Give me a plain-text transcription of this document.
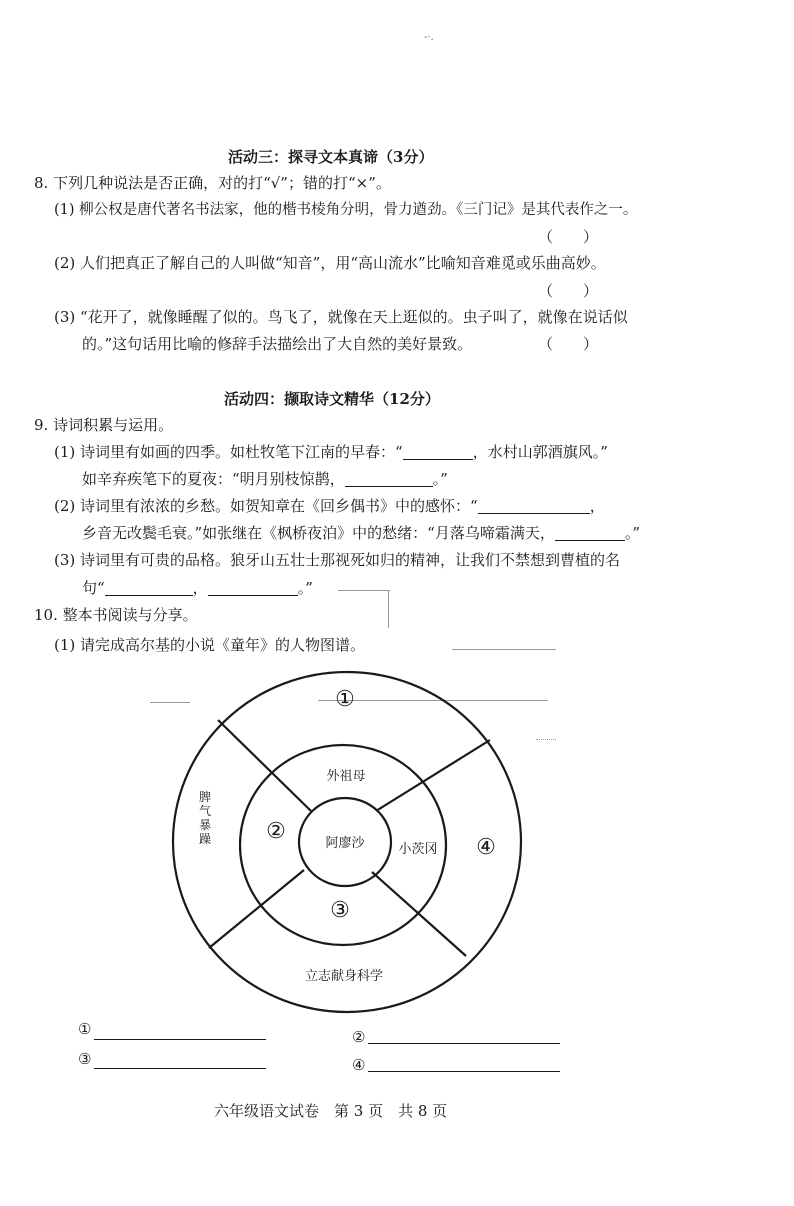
-·.
活动三：探寻文本真谛（3分）
8. 下列几种说法是否正确，对的打“√”；错的打“×”。
(1) 柳公权是唐代著名书法家，他的楷书棱角分明，骨力遒劲。《三门记》是其代表作之一。
（　　）
(2) 人们把真正了解自己的人叫做“知音”，用“高山流水”比喻知音难觅或乐曲高妙。
（　　）
(3) “花开了，就像睡醒了似的。鸟飞了，就像在天上逛似的。虫子叫了，就像在说话似
的。”这句话用比喻的修辞手法描绘出了大自然的美好景致。	（　　）
活动四：撷取诗文精华（12分）
9. 诗词积累与运用。
(1) 诗词里有如画的四季。如杜牧笔下江南的早春：“	，水村山郭酒旗风。”
如辛弃疾笔下的夏夜：“明月别枝惊鹊，	。”
(2) 诗词里有浓浓的乡愁。如贺知章在《回乡偶书》中的感怀：“	，
乡音无改鬓毛衰。”如张继在《枫桥夜泊》中的愁绪：“月落乌啼霜满天，	。”
(3) 诗词里有可贵的品格。狼牙山五壮士那视死如归的精神，让我们不禁想到曹植的名
句“	，	。”
10. 整本书阅读与分享。
(1) 请完成高尔基的小说《童年》的人物图谱。
阿廖沙
外祖母
小茨冈
立志献身科学
脾
气
暴
躁
①
②
③
④
①	②
③	④
六年级语文试卷　第 3 页　共 8 页
